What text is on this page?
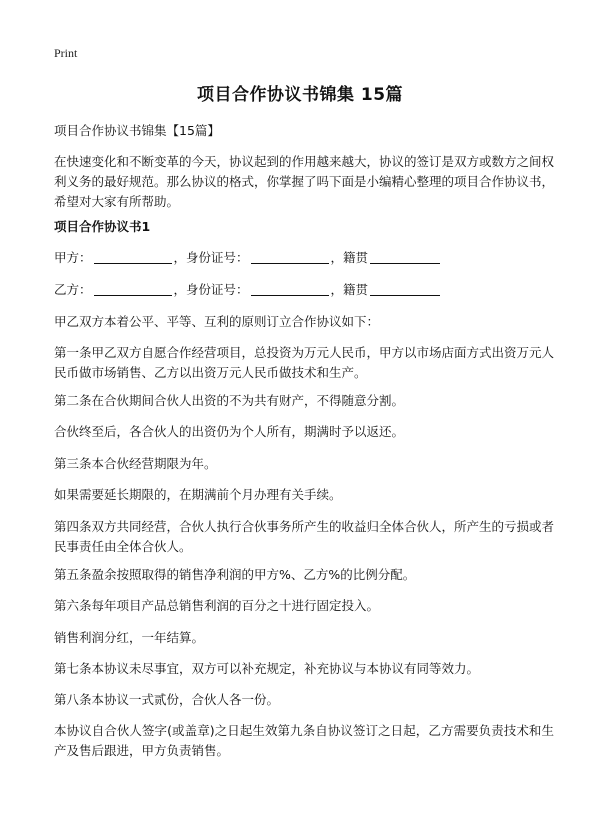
Print
项目合作协议书锦集 15篇

项目合作协议书锦集【15篇】

在快速变化和不断变革的今天，协议起到的作用越来越大，协议的签订是双方或数方之间权利义务的最好规范。那么协议的格式，你掌握了吗下面是小编精心整理的项目合作协议书，希望对大家有所帮助。

项目合作协议书1

甲方：	，身份证号：	，籍贯

乙方：	，身份证号：	，籍贯

甲乙双方本着公平、平等、互利的原则订立合作协议如下：

第一条甲乙双方自愿合作经营项目，总投资为万元人民币，甲方以市场店面方式出资万元人民币做市场销售、乙方以出资万元人民币做技术和生产。

第二条在合伙期间合伙人出资的不为共有财产，不得随意分割。

合伙终至后，各合伙人的出资仍为个人所有，期满时予以返还。

第三条本合伙经营期限为年。

如果需要延长期限的，在期满前个月办理有关手续。

第四条双方共同经营，合伙人执行合伙事务所产生的收益归全体合伙人，所产生的亏损或者民事责任由全体合伙人。

第五条盈余按照取得的销售净利润的甲方%、乙方%的比例分配。

第六条每年项目产品总销售利润的百分之十进行固定投入。

销售利润分红，一年结算。

第七条本协议未尽事宜，双方可以补充规定，补充协议与本协议有同等效力。

第八条本协议一式贰份，合伙人各一份。

本协议自合伙人签字(或盖章)之日起生效第九条自协议签订之日起，乙方需要负责技术和生产及售后跟进，甲方负责销售。
